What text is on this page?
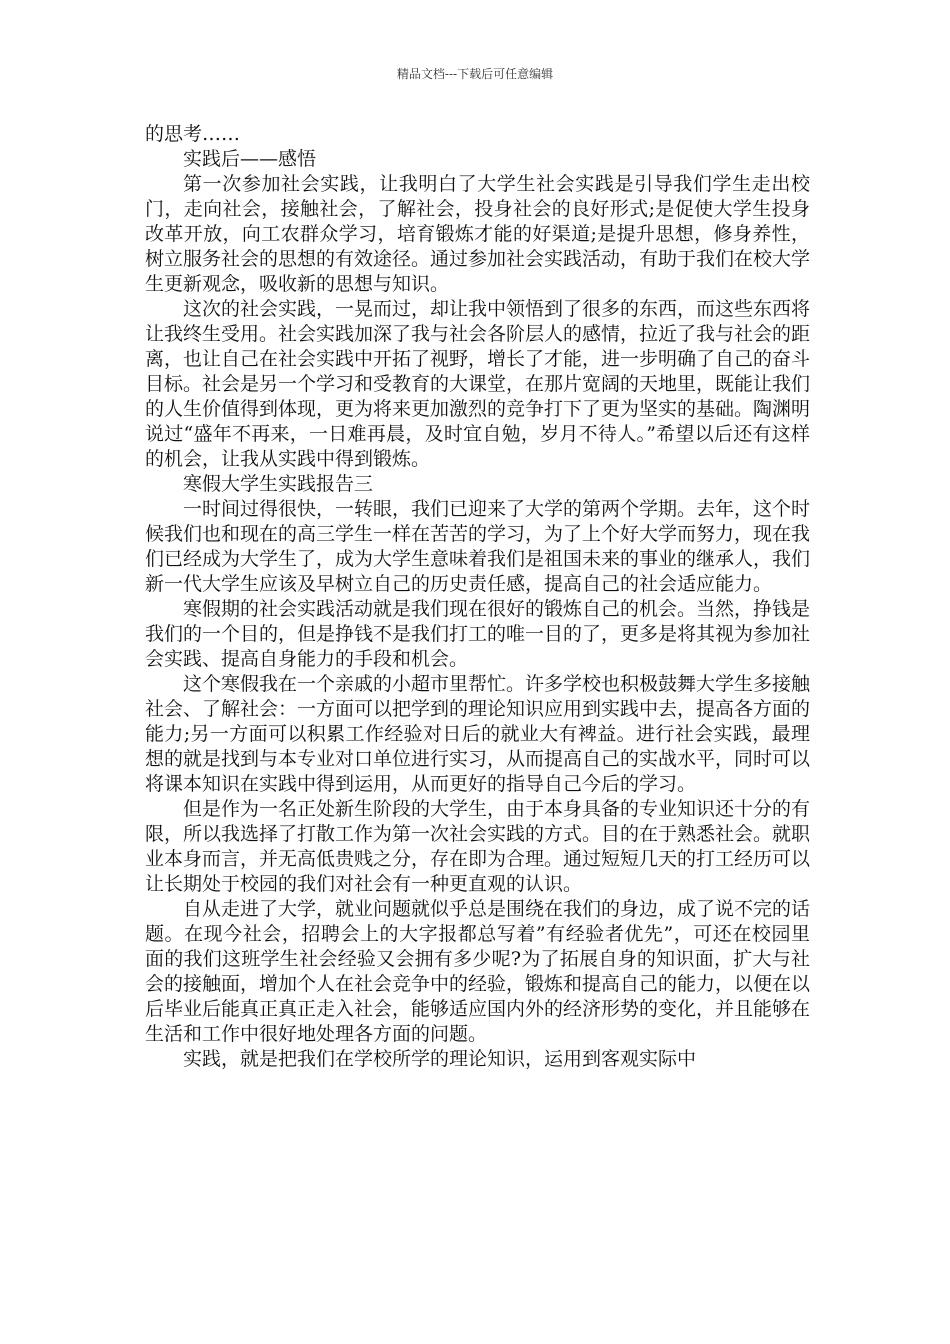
精品文档---下载后可任意编辑

的思考……

实践后——感悟

第一次参加社会实践，让我明白了大学生社会实践是引导我们学生走出校门，走向社会，接触社会，了解社会，投身社会的良好形式;是促使大学生投身改革开放，向工农群众学习，培育锻炼才能的好渠道;是提升思想，修身养性，树立服务社会的思想的有效途径。通过参加社会实践活动，有助于我们在校大学生更新观念，吸收新的思想与知识。

这次的社会实践，一晃而过，却让我中领悟到了很多的东西，而这些东西将让我终生受用。社会实践加深了我与社会各阶层人的感情，拉近了我与社会的距离，也让自己在社会实践中开拓了视野，增长了才能，进一步明确了自己的奋斗目标。社会是另一个学习和受教育的大课堂，在那片宽阔的天地里，既能让我们的人生价值得到体现，更为将来更加激烈的竞争打下了更为坚实的基础。陶渊明说过“盛年不再来，一日难再晨，及时宜自勉，岁月不待人。”希望以后还有这样的机会，让我从实践中得到锻炼。

寒假大学生实践报告三

一时间过得很快，一转眼，我们已迎来了大学的第两个学期。去年，这个时候我们也和现在的高三学生一样在苦苦的学习，为了上个好大学而努力，现在我们已经成为大学生了，成为大学生意味着我们是祖国未来的事业的继承人，我们新一代大学生应该及早树立自己的历史责任感，提高自己的社会适应能力。

寒假期的社会实践活动就是我们现在很好的锻炼自己的机会。当然，挣钱是我们的一个目的，但是挣钱不是我们打工的唯一目的了，更多是将其视为参加社会实践、提高自身能力的手段和机会。

这个寒假我在一个亲戚的小超市里帮忙。许多学校也积极鼓舞大学生多接触社会、了解社会：一方面可以把学到的理论知识应用到实践中去，提高各方面的能力;另一方面可以积累工作经验对日后的就业大有裨益。进行社会实践，最理想的就是找到与本专业对口单位进行实习，从而提高自己的实战水平，同时可以将课本知识在实践中得到运用，从而更好的指导自己今后的学习。

但是作为一名正处新生阶段的大学生，由于本身具备的专业知识还十分的有限，所以我选择了打散工作为第一次社会实践的方式。目的在于熟悉社会。就职业本身而言，并无高低贵贱之分，存在即为合理。通过短短几天的打工经历可以让长期处于校园的我们对社会有一种更直观的认识。

自从走进了大学，就业问题就似乎总是围绕在我们的身边，成了说不完的话题。在现今社会，招聘会上的大字报都总写着”有经验者优先”，可还在校园里面的我们这班学生社会经验又会拥有多少呢?为了拓展自身的知识面，扩大与社会的接触面，增加个人在社会竞争中的经验，锻炼和提高自己的能力，以便在以后毕业后能真正真正走入社会，能够适应国内外的经济形势的变化，并且能够在生活和工作中很好地处理各方面的问题。

实践，就是把我们在学校所学的理论知识，运用到客观实际中
